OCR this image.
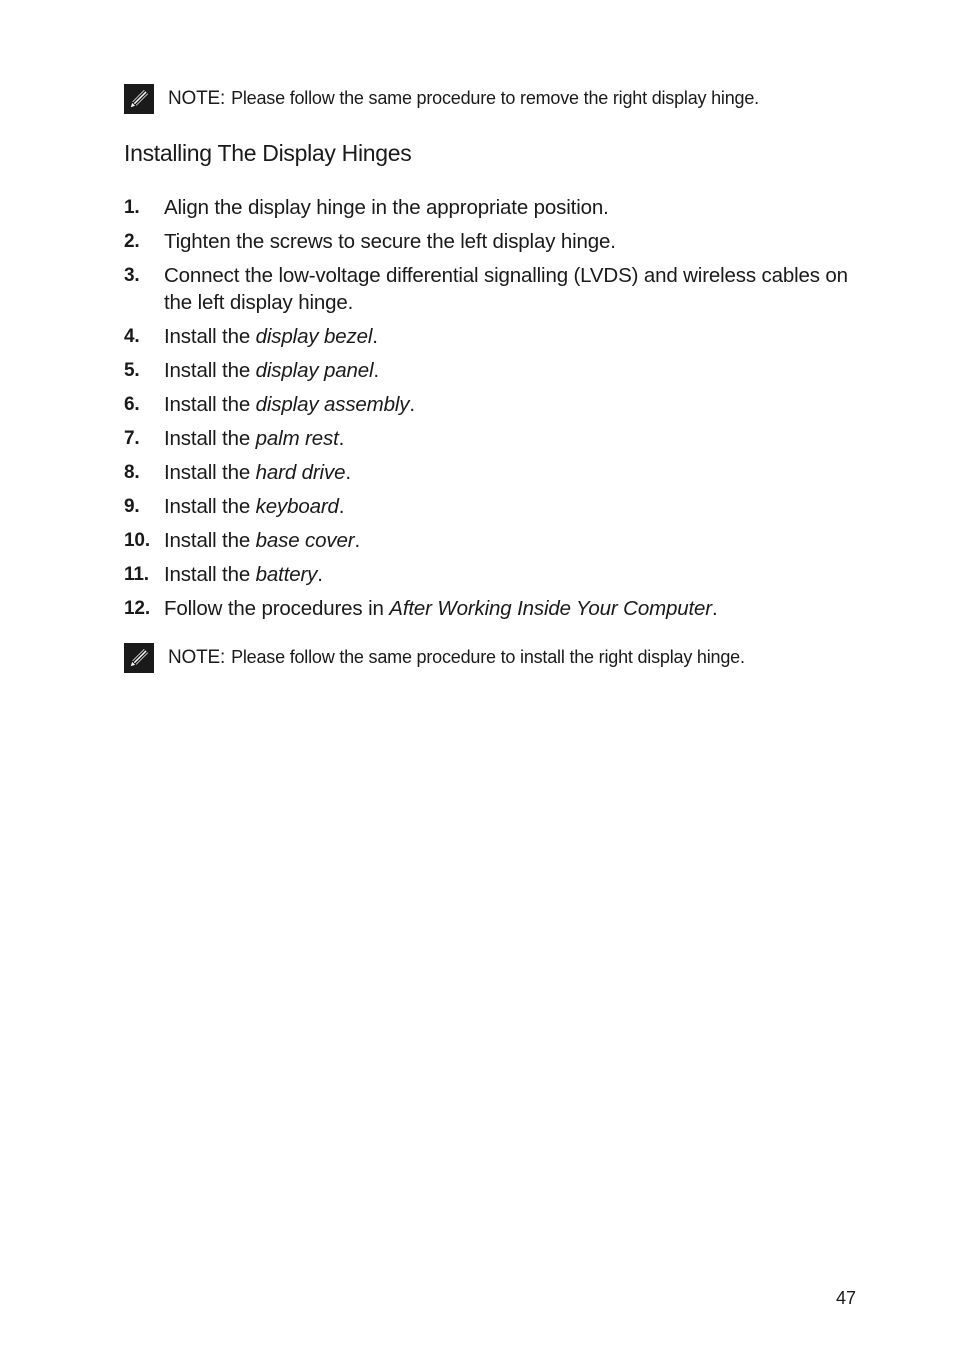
NOTE: Please follow the same procedure to remove the right display hinge.
Installing The Display Hinges
1. Align the display hinge in the appropriate position.
2. Tighten the screws to secure the left display hinge.
3. Connect the low-voltage differential signalling (LVDS) and wireless cables on the left display hinge.
4. Install the display bezel.
5. Install the display panel.
6. Install the display assembly.
7. Install the palm rest.
8. Install the hard drive.
9. Install the keyboard.
10. Install the base cover.
11. Install the battery.
12. Follow the procedures in After Working Inside Your Computer.
NOTE: Please follow the same procedure to install the right display hinge.
47
